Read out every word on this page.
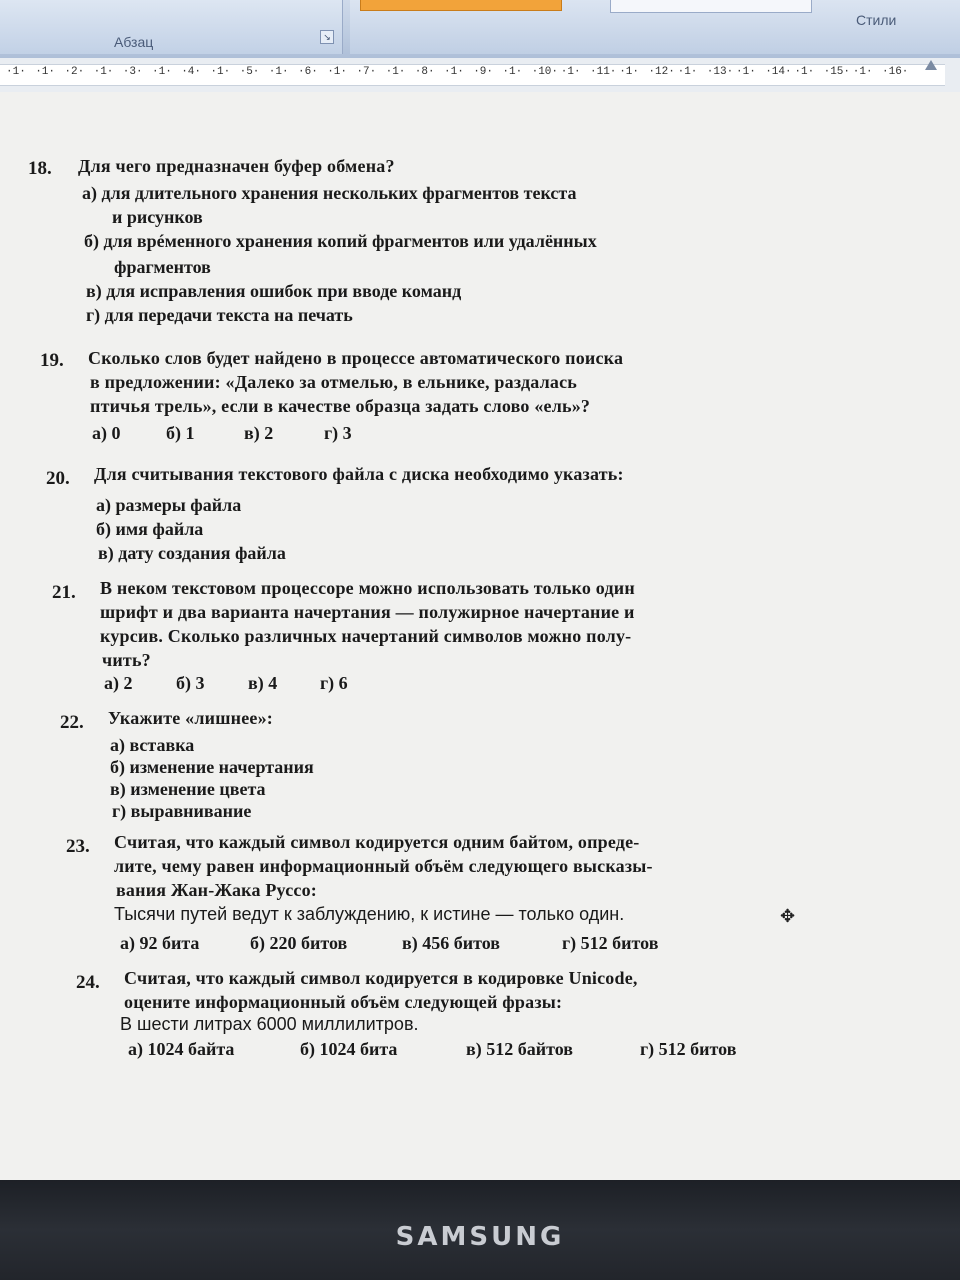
Абзац	↘
Стили
·1· ·1· ·2· ·1· ·3· ·1· ·4· ·1· ·5· ·1· ·6· ·1· ·7· ·1· ·8· ·1· ·9· ·1· ·10· ·1· ·11· ·1· ·12· ·1· ·13· ·1· ·14· ·1· ·15· ·1· ·16·
18. Для чего предназначен буфер обмена?
а) для длительного хранения нескольких фрагментов текста
и рисунков
б) для врéменного хранения копий фрагментов или удалённых
фрагментов
в) для исправления ошибок при вводе команд
г) для передачи текста на печать
19. Сколько слов будет найдено в процессе автоматического поиска
в предложении: «Далеко за отмелью, в ельнике, раздалась
птичья трель», если в качестве образца задать слово «ель»?
а) 0	б) 1	в) 2	г) 3
20. Для считывания текстового файла с диска необходимо указать:
а) размеры файла
б) имя файла
в) дату создания файла
21. В неком текстовом процессоре можно использовать только один
шрифт и два варианта начертания — полужирное начертание и
курсив. Сколько различных начертаний символов можно полу-
чить?
а) 2 б) 3 в) 4 г) 6
22. Укажите «лишнее»:
а) вставка
б) изменение начертания
в) изменение цвета
г) выравнивание
23. Считая, что каждый символ кодируется одним байтом, опреде-
лите, чему равен информационный объём следующего высказы-
вания Жан-Жака Руссо:
Тысячи путей ведут к заблуждению, к истине — только один.
а) 92 бита	б) 220 битов	в) 456 битов	г) 512 битов
24. Считая, что каждый символ кодируется в кодировке Unicode,
оцените информационный объём следующей фразы:
В шести литрах 6000 миллилитров.
а) 1024 байта	б) 1024 бита	в) 512 байтов	г) 512 битов
✥
SAMSUNG
